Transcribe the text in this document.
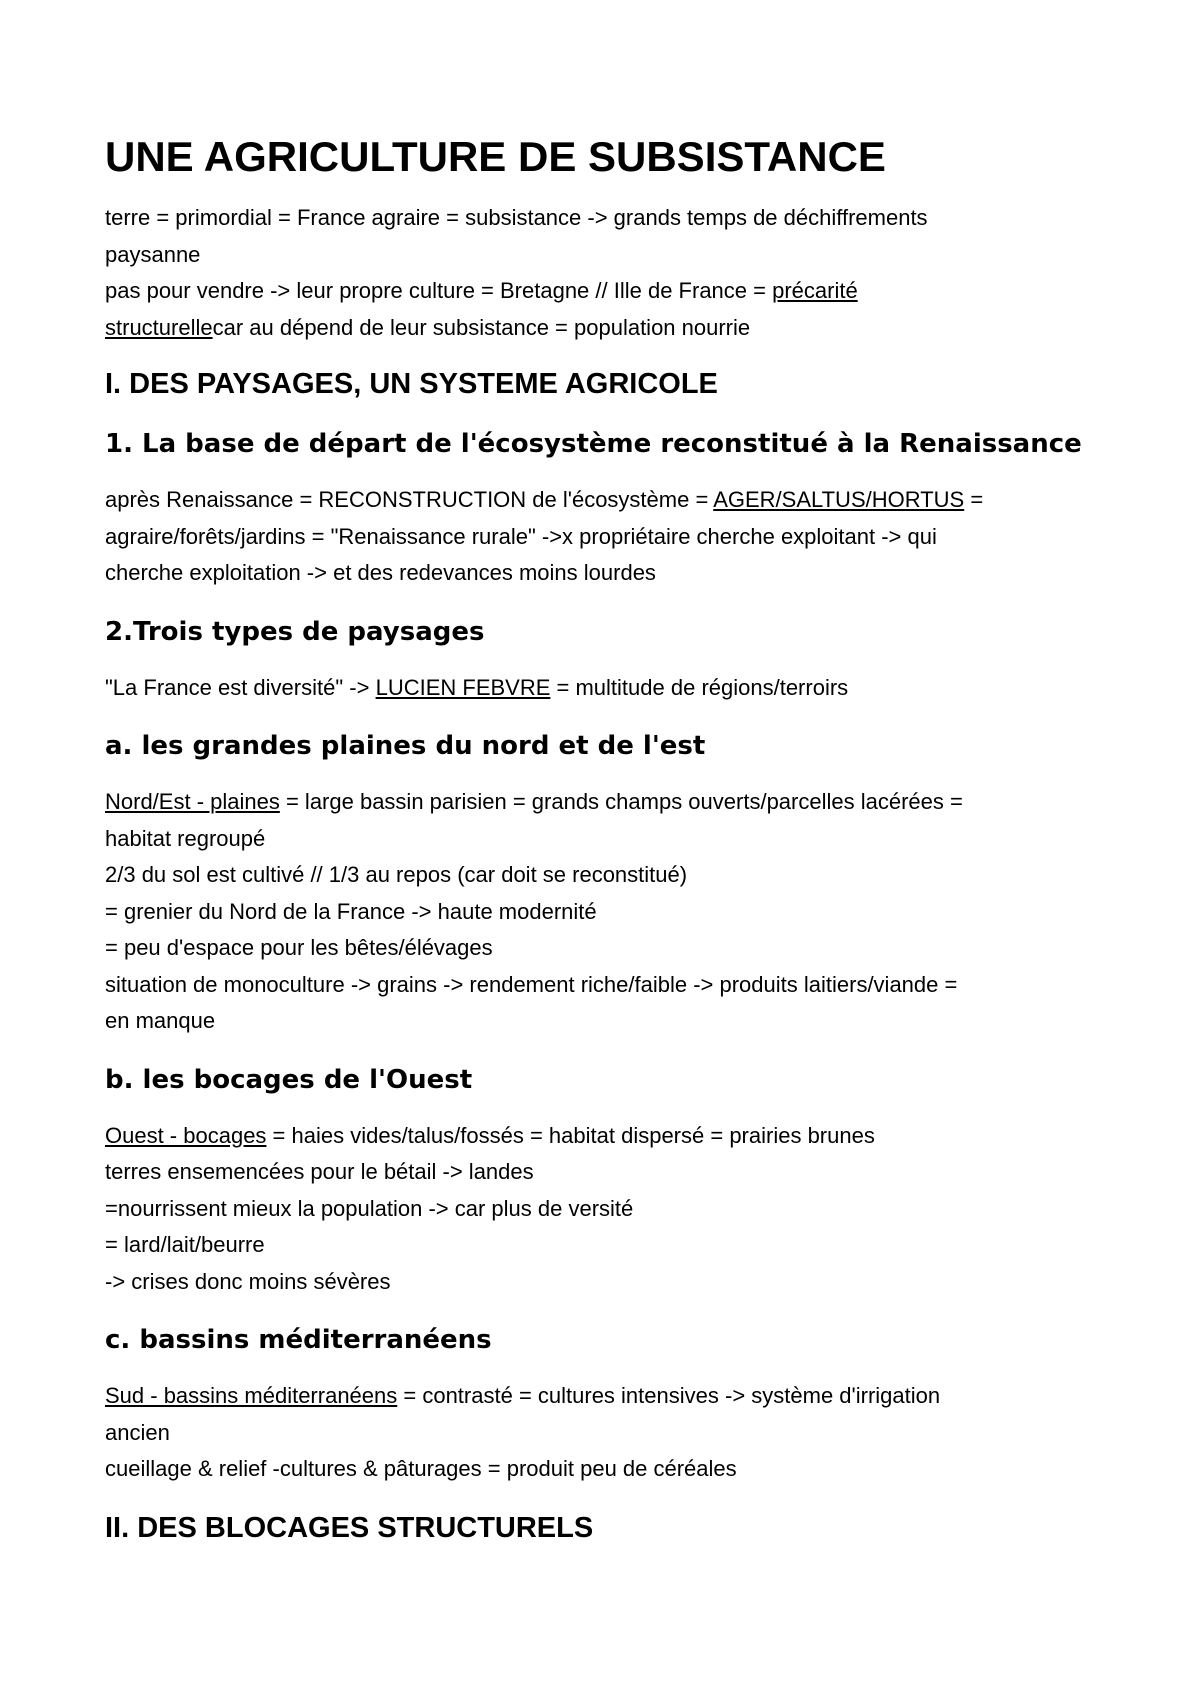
UNE AGRICULTURE DE SUBSISTANCE

terre = primordial = France agraire = subsistance -> grands temps de déchiffrements

paysanne

pas pour vendre -> leur propre culture = Bretagne // Ille de France = précarité

structurellecar au dépend de leur subsistance = population nourrie

I. DES PAYSAGES, UN SYSTEME AGRICOLE
1. La base de départ de l'écosystème reconstitué à la Renaissance

après Renaissance = RECONSTRUCTION de l'écosystème = AGER/SALTUS/HORTUS =

agraire/forêts/jardins = "Renaissance rurale" ->x propriétaire cherche exploitant -> qui

cherche exploitation -> et des redevances moins lourdes

2.Trois types de paysages

"La France est diversité" -> LUCIEN FEBVRE = multitude de régions/terroirs

a. les grandes plaines du nord et de l'est

Nord/Est - plaines = large bassin parisien = grands champs ouverts/parcelles lacérées =

habitat regroupé

2/3 du sol est cultivé // 1/3 au repos (car doit se reconstitué)

= grenier du Nord de la France -> haute modernité

= peu d'espace pour les bêtes/élévages

situation de monoculture -> grains -> rendement riche/faible -> produits laitiers/viande =

en manque

b. les bocages de l'Ouest

Ouest - bocages = haies vides/talus/fossés = habitat dispersé = prairies brunes

terres ensemencées pour le bétail -> landes

=nourrissent mieux la population -> car plus de versité

= lard/lait/beurre

-> crises donc moins sévères

c. bassins méditerranéens

Sud - bassins méditerranéens = contrasté = cultures intensives -> système d'irrigation

ancien

cueillage & relief -cultures & pâturages = produit peu de céréales

II. DES BLOCAGES STRUCTURELS
